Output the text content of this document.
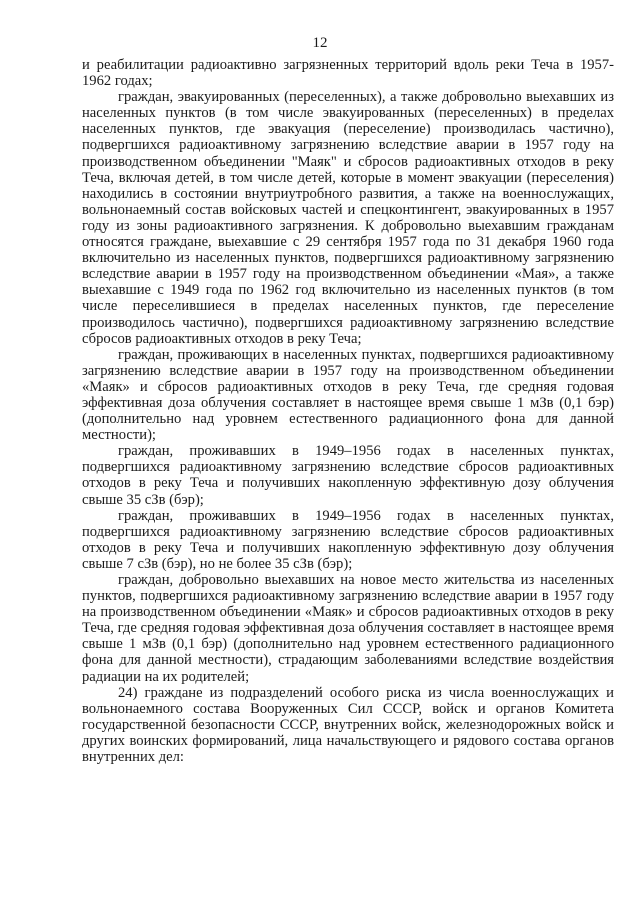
12

и реабилитации радиоактивно загрязненных территорий вдоль реки Теча в 1957-1962 годах;

граждан, эвакуированных (переселенных), а также добровольно выехавших из населенных пунктов (в том числе эвакуированных (переселенных) в пределах населенных пунктов, где эвакуация (переселение) производилась частично), подвергшихся радиоактивному загрязнению вследствие аварии в 1957 году на производственном объединении "Маяк" и сбросов радиоактивных отходов в реку Теча, включая детей, в том числе детей, которые в момент эвакуации (переселения) находились в состоянии внутриутробного развития, а также на военнослужащих, вольнонаемный состав войсковых частей и спецконтингент, эвакуированных в 1957 году из зоны радиоактивного загрязнения. К добровольно выехавшим гражданам относятся граждане, выехавшие с 29 сентября 1957 года по 31 декабря 1960 года включительно из населенных пунктов, подвергшихся радиоактивному загрязнению вследствие аварии в 1957 году на производственном объединении «Мая», а также выехавшие с 1949 года по 1962 год включительно из населенных пунктов (в том числе переселившиеся в пределах населенных пунктов, где переселение производилось частично), подвергшихся радиоактивному загрязнению вследствие сбросов радиоактивных отходов в реку Теча;

граждан, проживающих в населенных пунктах, подвергшихся радиоактивному загрязнению вследствие аварии в 1957 году на производственном объединении «Маяк» и сбросов радиоактивных отходов в реку Теча, где средняя годовая эффективная доза облучения составляет в настоящее время свыше 1 мЗв (0,1 бэр) (дополнительно над уровнем естественного радиационного фона для данной местности);

граждан, проживавших в 1949–1956 годах в населенных пунктах, подвергшихся радиоактивному загрязнению вследствие сбросов радиоактивных отходов в реку Теча и получивших накопленную эффективную дозу облучения свыше 35 сЗв (бэр);

граждан, проживавших в 1949–1956 годах в населенных пунктах, подвергшихся радиоактивному загрязнению вследствие сбросов радиоактивных отходов в реку Теча и получивших накопленную эффективную дозу облучения свыше 7 сЗв (бэр), но не более 35 сЗв (бэр);

граждан, добровольно выехавших на новое место жительства из населенных пунктов, подвергшихся радиоактивному загрязнению вследствие аварии в 1957 году на производственном объединении «Маяк» и сбросов радиоактивных отходов в реку Теча, где средняя годовая эффективная доза облучения составляет в настоящее время свыше 1 мЗв (0,1 бэр) (дополнительно над уровнем естественного радиационного фона для данной местности), страдающим заболеваниями вследствие воздействия радиации на их родителей;

24) граждане из подразделений особого риска из числа военнослужащих и вольнонаемного состава Вооруженных Сил СССР, войск и органов Комитета государственной безопасности СССР, внутренних войск, железнодорожных войск и других воинских формирований, лица начальствующего и рядового состава органов внутренних дел:
